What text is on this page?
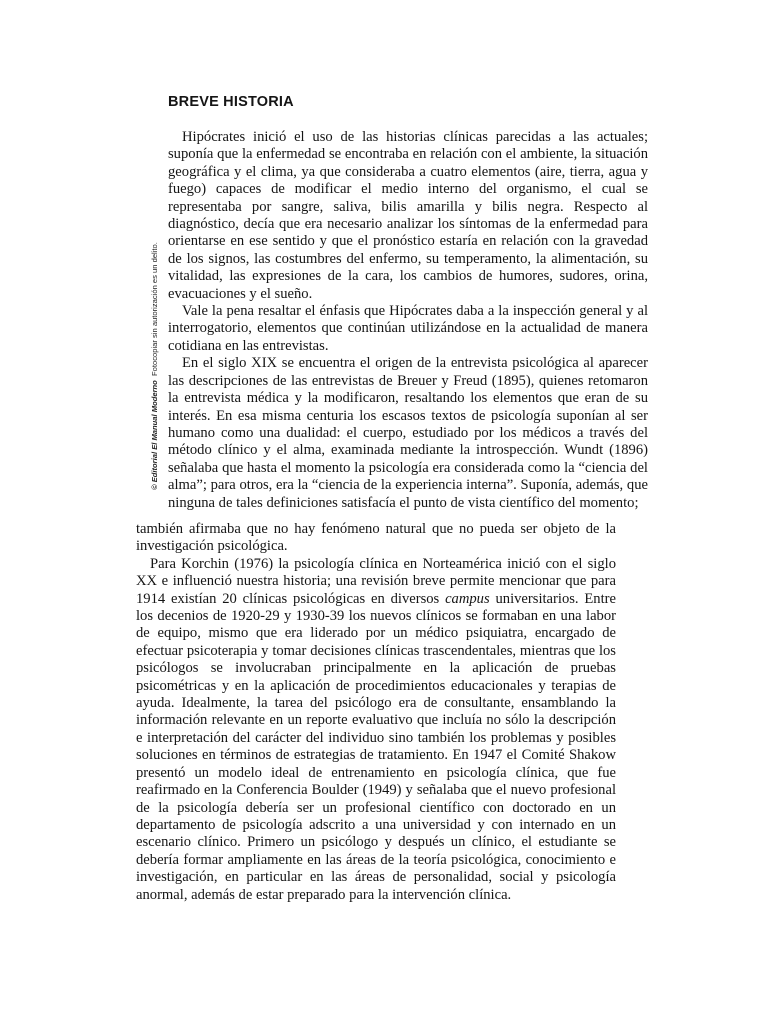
BREVE HISTORIA

Hipócrates inició el uso de las historias clínicas parecidas a las actuales; suponía que la enfermedad se encontraba en relación con el ambiente, la situación geográfica y el clima, ya que consideraba a cuatro elementos (aire, tierra, agua y fuego) capaces de modificar el medio interno del organismo, el cual se representaba por sangre, saliva, bilis amarilla y bilis negra. Respecto al diagnóstico, decía que era necesario analizar los síntomas de la enfermedad para orientarse en ese sentido y que el pronóstico estaría en relación con la gravedad de los signos, las costumbres del enfermo, su temperamento, la alimentación, su vitalidad, las expresiones de la cara, los cambios de humores, sudores, orina, evacuaciones y el sueño.

Vale la pena resaltar el énfasis que Hipócrates daba a la inspección general y al interrogatorio, elementos que continúan utilizándose en la actualidad de manera cotidiana en las entrevistas.

En el siglo XIX se encuentra el origen de la entrevista psicológica al aparecer las descripciones de las entrevistas de Breuer y Freud (1895), quienes retomaron la entrevista médica y la modificaron, resaltando los elementos que eran de su interés. En esa misma centuria los escasos textos de psicología suponían al ser humano como una dualidad: el cuerpo, estudiado por los médicos a través del método clínico y el alma, examinada mediante la introspección. Wundt (1896) señalaba que hasta el momento la psicología era considerada como la “ciencia del alma”; para otros, era la “ciencia de la experiencia interna”. Suponía, además, que ninguna de tales definiciones satisfacía el punto de vista científico del momento;

© Editorial El Manual Moderno  Fotocopiar sin autorización es un delito.

también afirmaba que no hay fenómeno natural que no pueda ser objeto de la investigación psicológica.

Para Korchin (1976) la psicología clínica en Norteamérica inició con el siglo XX e influenció nuestra historia; una revisión breve permite mencionar que para 1914 existían 20 clínicas psicológicas en diversos campus universitarios. Entre los decenios de 1920-29 y 1930-39 los nuevos clínicos se formaban en una labor de equipo, mismo que era liderado por un médico psiquiatra, encargado de efectuar psicoterapia y tomar decisiones clínicas trascendentales, mientras que los psicólogos se involucraban principalmente en la aplicación de pruebas psicométricas y en la aplicación de procedimientos educacionales y terapias de ayuda. Idealmente, la tarea del psicólogo era de consultante, ensamblando la información relevante en un reporte evaluativo que incluía no sólo la descripción e interpretación del carácter del individuo sino también los problemas y posibles soluciones en términos de estrategias de tratamiento. En 1947 el Comité Shakow presentó un modelo ideal de entrenamiento en psicología clínica, que fue reafirmado en la Conferencia Boulder (1949) y señalaba que el nuevo profesional de la psicología debería ser un profesional científico con doctorado en un departamento de psicología adscrito a una universidad y con internado en un escenario clínico. Primero un psicólogo y después un clínico, el estudiante se debería formar ampliamente en las áreas de la teoría psicológica, conocimiento e investigación, en particular en las áreas de personalidad, social y psicología anormal, además de estar preparado para la intervención clínica.
